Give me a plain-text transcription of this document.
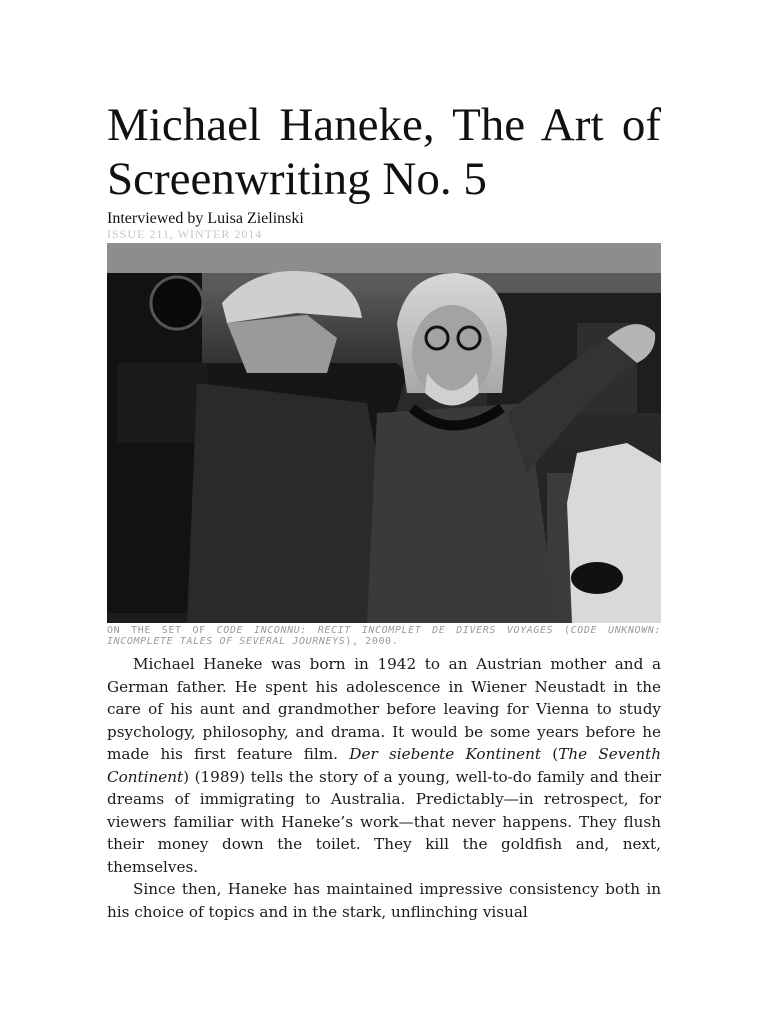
Michael Haneke, The Art of Screenwriting No. 5
Interviewed by Luisa Zielinski
ISSUE 211, WINTER 2014
ON THE SET OF CODE INCONNU: RECIT INCOMPLET DE DIVERS VOYAGES (CODE UNKNOWN: INCOMPLETE TALES OF SEVERAL JOURNEYS), 2000.

Michael Haneke was born in 1942 to an Austrian mother and a German father. He spent his adolescence in Wiener Neustadt in the care of his aunt and grandmother before leaving for Vienna to study psychology, philosophy, and drama. It would be some years before he made his first feature film. Der siebente Kontinent (The Seventh Continent) (1989) tells the story of a young, well-to-do family and their dreams of immigrating to Australia. Predictably—in retrospect, for viewers familiar with Haneke’s work—that never happens. They flush their money down the toilet. They kill the goldfish and, next, themselves.

Since then, Haneke has maintained impressive consistency both in his choice of topics and in the stark, unflinching visual
